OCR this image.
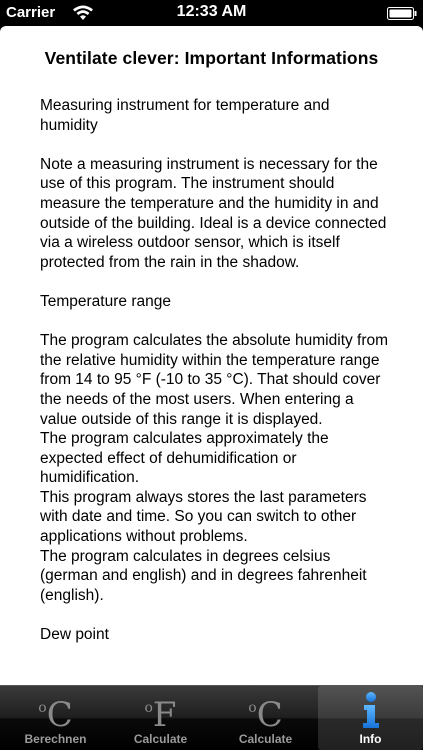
Carrier	12:33 AM
Ventilate clever: Important Informations

Measuring instrument for temperature and humidity

Note a measuring instrument is necessary for the use of this program. The instrument should measure the temperature and the humidity in and outside of the building. Ideal is a device connected via a wireless outdoor sensor, which is itself protected from the rain in the shadow.

Temperature range

The program calculates the absolute humidity from the relative humidity within the temperature range from 14 to 95 °F (-10 to 35 °C). That should cover the needs of the most users. When entering a value outside of this range it is displayed.
The program calculates approximately the expected effect of dehumidification or humidification.
This program always stores the last parameters with date and time. So you can switch to other applications without problems.
The program calculates in degrees celsius (german and english) and in degrees fahrenheit (english).

Dew point

$^o$C
Berechnen
$^o$F
Calculate
$^o$C
Calculate	Info
